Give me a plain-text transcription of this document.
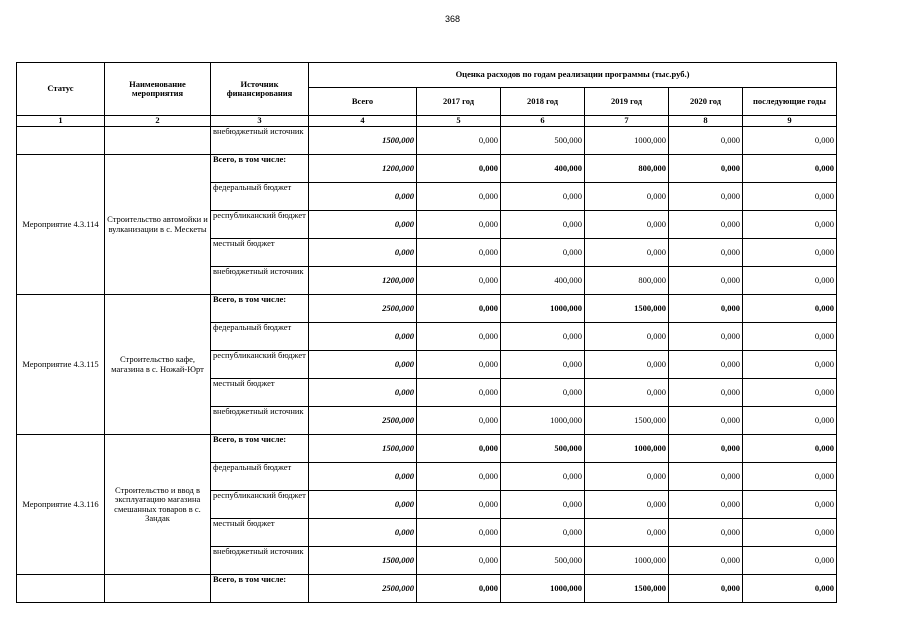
368
Статус	Наименование мероприятия	Источник финансирования	Оценка расходов по годам реализации программы (тыс.руб.)					
			Всего	2017 год	2018 год	2019 год	2020 год	последующие годы
1	2	3	4	5	6	7	8	9
		внебюджетный источник	1500,000	0,000	500,000	1000,000	0,000	0,000
Мероприятие 4.3.114	Строительство автомойки и вулканизации в с. Мескеты	Всего, в том числе:	1200,000	0,000	400,000	800,000	0,000	0,000
		федеральный бюджет	0,000	0,000	0,000	0,000	0,000	0,000
		республиканский бюджет	0,000	0,000	0,000	0,000	0,000	0,000
		местный бюджет	0,000	0,000	0,000	0,000	0,000	0,000
		внебюджетный источник	1200,000	0,000	400,000	800,000	0,000	0,000
Мероприятие 4.3.115	Строительство кафе, магазина в с. Ножай-Юрт	Всего, в том числе:	2500,000	0,000	1000,000	1500,000	0,000	0,000
		федеральный бюджет	0,000	0,000	0,000	0,000	0,000	0,000
		республиканский бюджет	0,000	0,000	0,000	0,000	0,000	0,000
		местный бюджет	0,000	0,000	0,000	0,000	0,000	0,000
		внебюджетный источник	2500,000	0,000	1000,000	1500,000	0,000	0,000
Мероприятие 4.3.116	Строительство и ввод в эксплуатацию магазина смешанных товаров в с. Зандак	Всего, в том числе:	1500,000	0,000	500,000	1000,000	0,000	0,000
		федеральный бюджет	0,000	0,000	0,000	0,000	0,000	0,000
		республиканский бюджет	0,000	0,000	0,000	0,000	0,000	0,000
		местный бюджет	0,000	0,000	0,000	0,000	0,000	0,000
		внебюджетный источник	1500,000	0,000	500,000	1000,000	0,000	0,000
		Всего, в том числе:	2500,000	0,000	1000,000	1500,000	0,000	0,000
